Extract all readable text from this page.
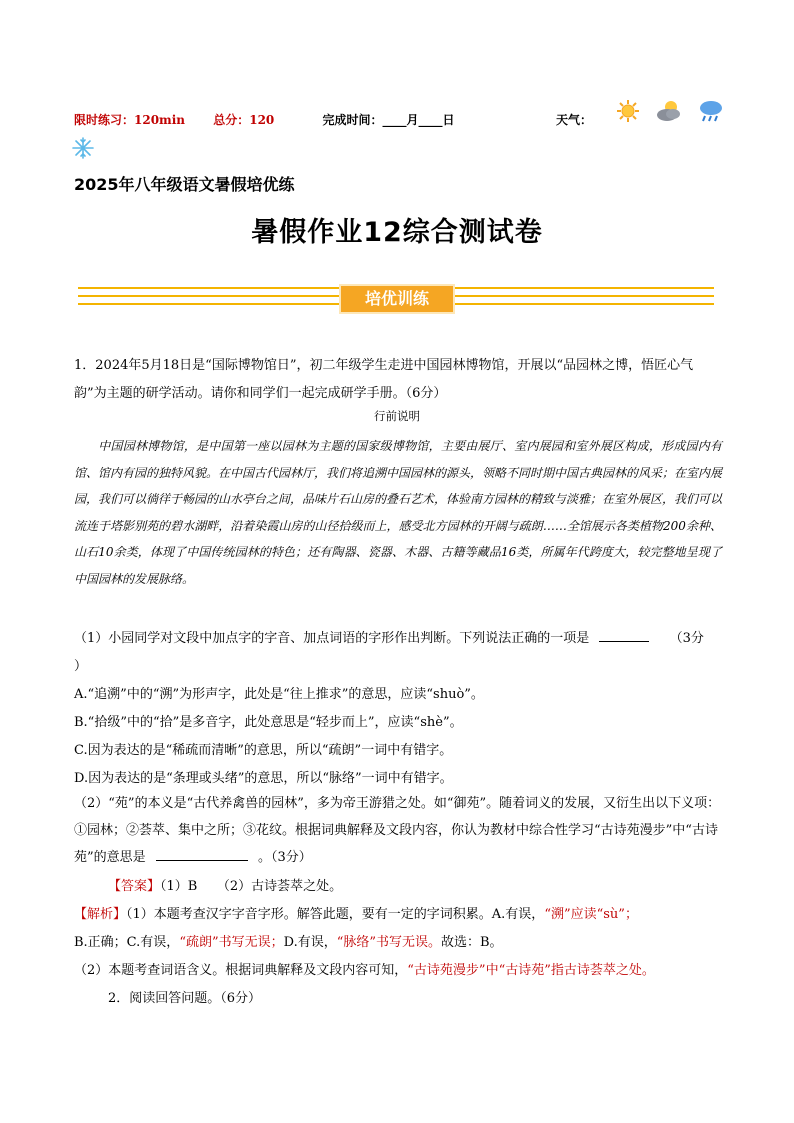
限时练习：120min 总分：120	完成时间：____月____日	天气：
2025年八年级语文暑假培优练
暑假作业12综合测试卷
培优训练
1．2024年5月18日是“国际博物馆日”，初二年级学生走进中国园林博物馆，开展以“品园林之博，悟匠心气韵”为主题的研学活动。请你和同学们一起完成研学手册。（6分）
行前说明
中国园林博物馆，是中国第一座以园林为主题的国家级博物馆，主要由展厅、室内展园和室外展区构成，形成园内有馆、馆内有园的独特风貌。在中国古代园林厅，我们将追溯中国园林的源头，领略不同时期中国古典园林的风采；在室内展园，我们可以徜徉于畅园的山水亭台之间，品味片石山房的叠石艺术，体验南方园林的精致与淡雅；在室外展区，我们可以流连于塔影别苑的碧水湖畔，沿着染霞山房的山径拾级而上，感受北方园林的开阔与疏朗……全馆展示各类植物200余种、山石10余类，体现了中国传统园林的特色；还有陶器、瓷器、木器、古籍等藏品16类，所属年代跨度大，较完整地呈现了中国园林的发展脉络。
（1）小园同学对文段中加点字的字音、加点词语的字形作出判断。下列说法正确的一项是	（3分
）
A.“追溯”中的“溯”为形声字，此处是“往上推求”的意思，应读“shuò”。
B.“拾级”中的“拾”是多音字，此处意思是“轻步而上”，应读“shè”。
C.因为表达的是“稀疏而清晰”的意思，所以“疏朗”一词中有错字。
D.因为表达的是“条理或头绪”的意思，所以“脉络”一词中有错字。
（2）“苑”的本义是“古代养禽兽的园林”，多为帝王游猎之处。如“御苑”。随着词义的发展，又衍生出以下义项：①园林；②荟萃、集中之所；③花纹。根据词典解释及文段内容，你认为教材中综合性学习“古诗苑漫步”中“古诗苑”的意思是	。（3分）
【答案】（1）B　　（2）古诗荟萃之处。
【解析】（1）本题考查汉字字音字形。解答此题，要有一定的字词积累。A.有误，“溯”应读“sù”；
B.正确；C.有误，“疏朗”书写无误；D.有误，“脉络”书写无误。故选：B。
（2）本题考查词语含义。根据词典解释及文段内容可知，“古诗苑漫步”中“古诗苑”指古诗荟萃之处。
2．阅读回答问题。（6分）
